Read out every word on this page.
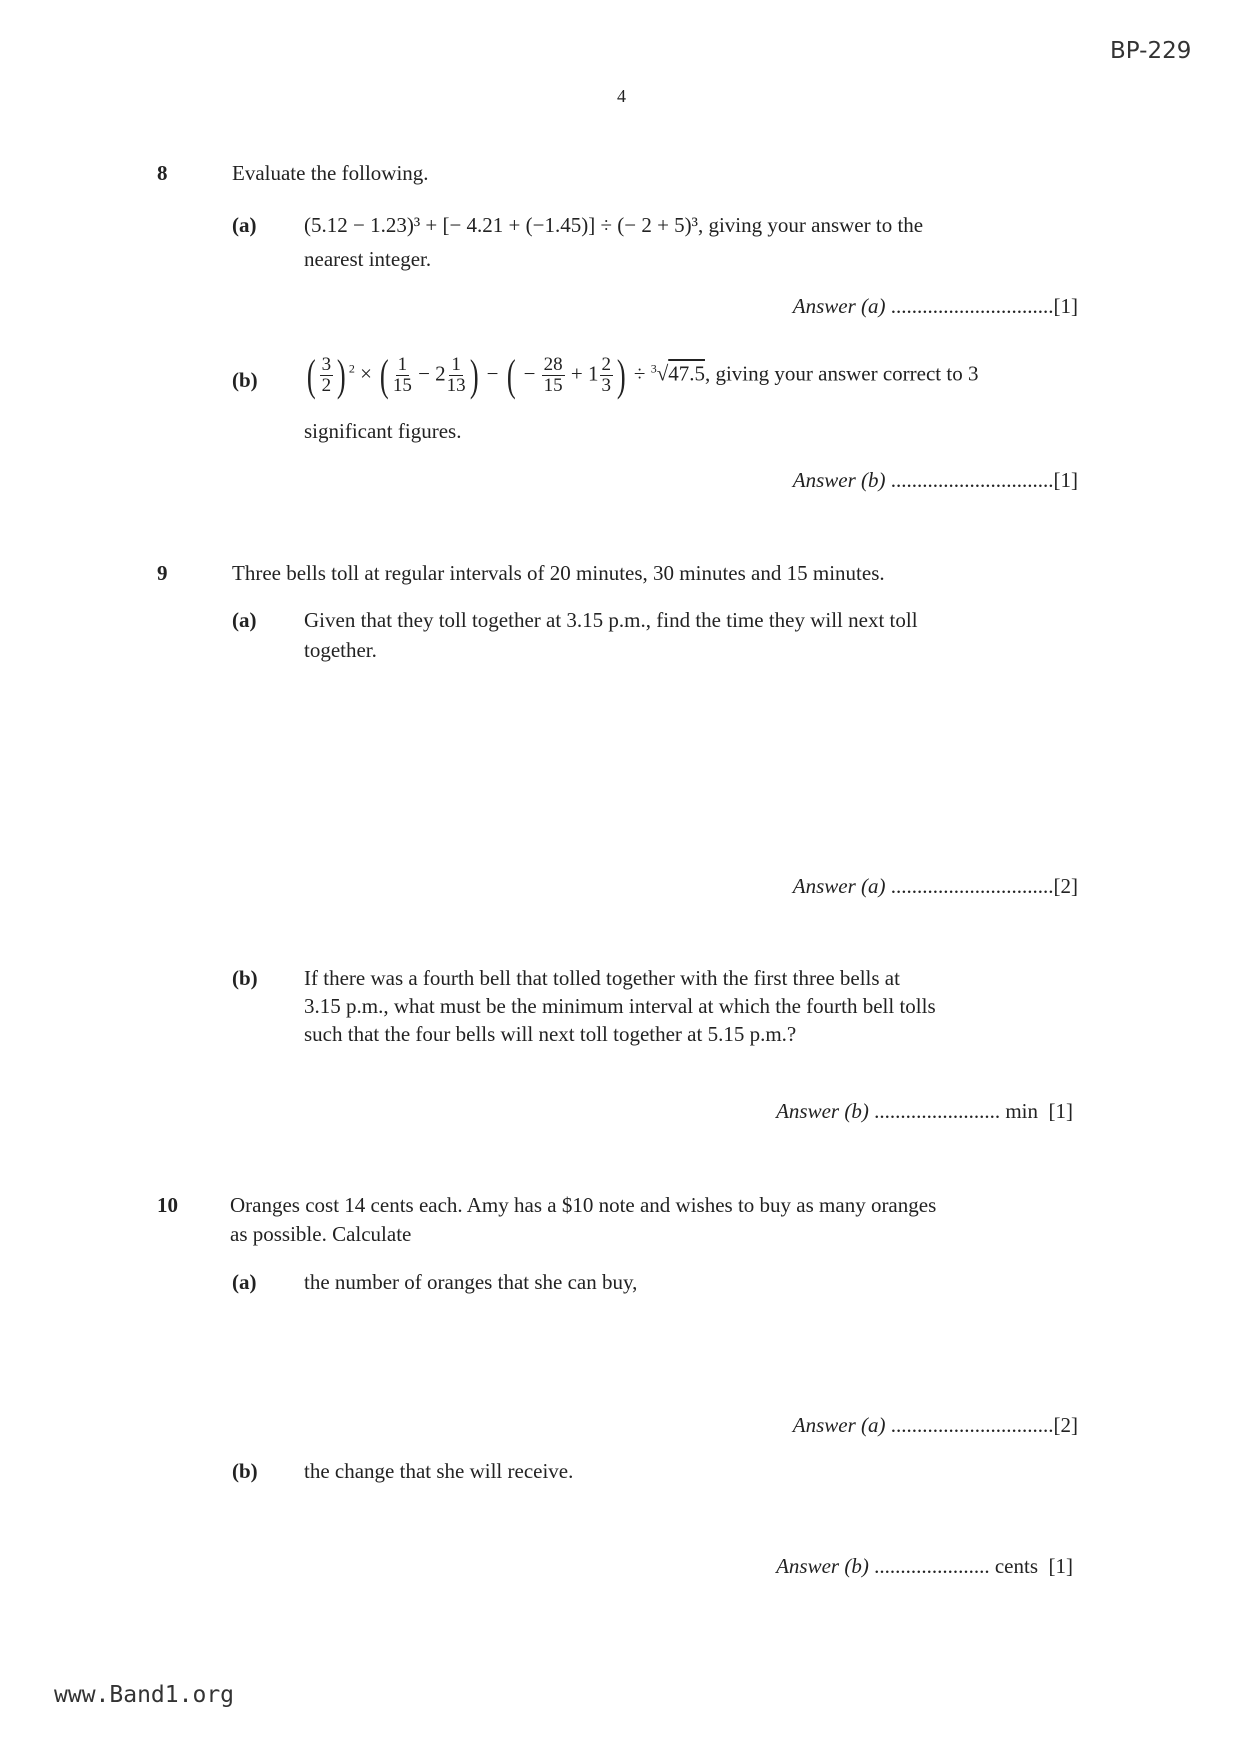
BP-229
4
8	Evaluate the following.
(a) (5.12 − 1.23)³ + [− 4.21 + (−1.45)] ÷ (− 2 + 5)³, giving your answer to the
nearest integer.
Answer (a) ...............................[1]
(b) ( $\frac{3}{2}$ ) $^2$ × ( $\frac{1}{15} - 2 \frac{1}{13}$ ) − ( − $\frac{28}{15} + 1 \frac{2}{3}$ ) ÷ $^3$√47.5, giving your answer correct to 3
significant figures.
Answer (b) ...............................[1]
9	Three bells toll at regular intervals of 20 minutes, 30 minutes and 15 minutes.
(a) Given that they toll together at 3.15 p.m., find the time they will next toll
together.
Answer (a) ...............................[2]
(b) If there was a fourth bell that tolled together with the first three bells at
3.15 p.m., what must be the minimum interval at which the fourth bell tolls
such that the four bells will next toll together at 5.15 p.m.?
Answer (b) ........................ min [1]
10 Oranges cost 14 cents each. Amy has a $10 note and wishes to buy as many oranges
as possible. Calculate
(a) the number of oranges that she can buy,
Answer (a) ...............................[2]
(b) the change that she will receive.
Answer (b) ...................... cents [1]
www.Band1.org
